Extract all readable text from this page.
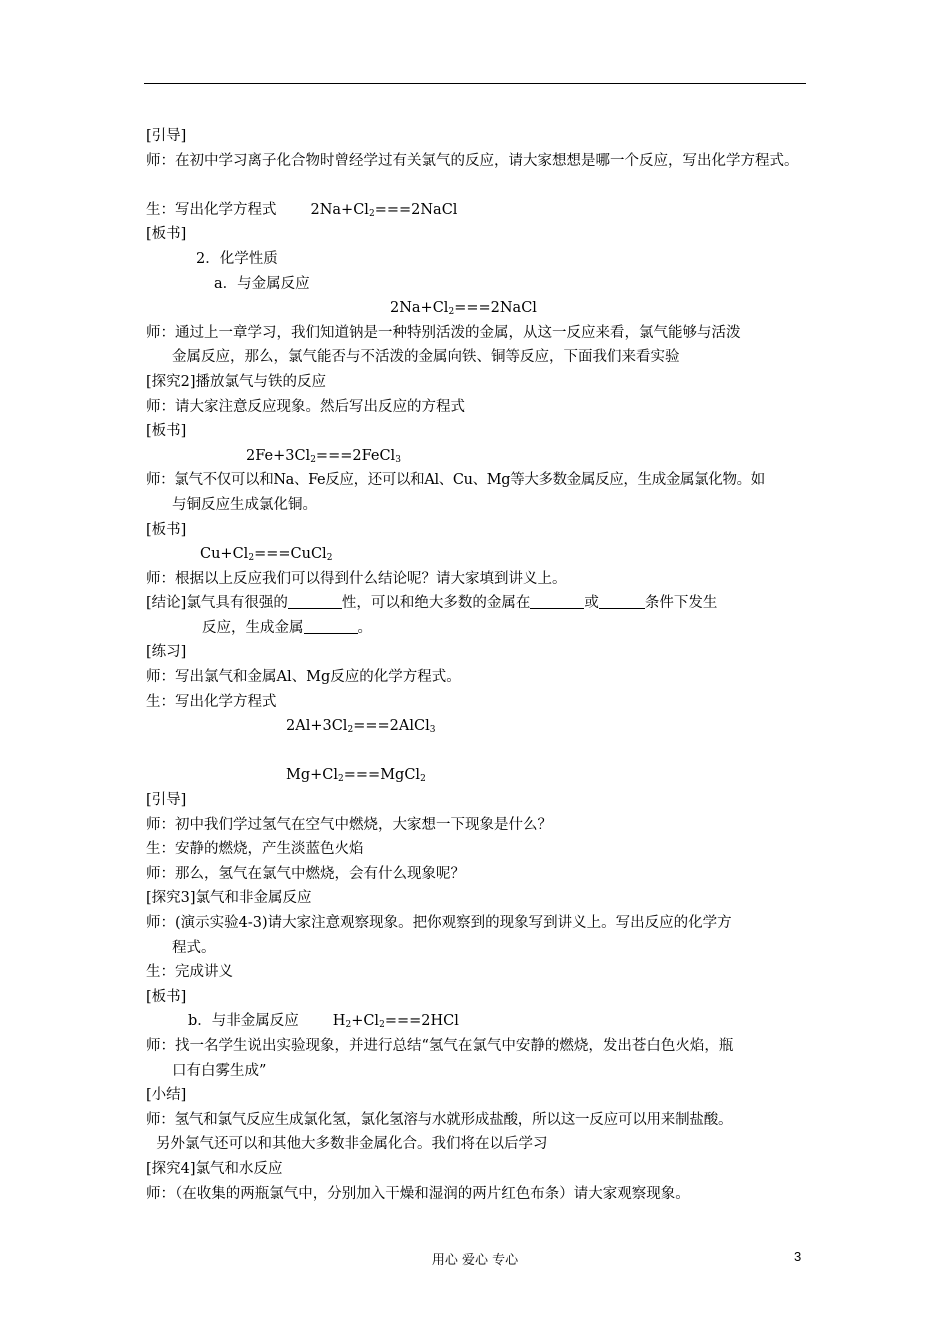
[引导]
师：在初中学习离子化合物时曾经学过有关氯气的反应，请大家想想是哪一个反应，写出化学方程式。
生：写出化学方程式 $2Na+Cl_2===2NaCl$
[板书]
2．化学性质
a．与金属反应
$2Na+Cl_2===2NaCl$
师：通过上一章学习，我们知道钠是一种特别活泼的金属，从这一反应来看，氯气能够与活泼
金属反应，那么，氯气能否与不活泼的金属向铁、铜等反应，下面我们来看实验
[探究2]播放氯气与铁的反应
师：请大家注意反应现象。然后写出反应的方程式
[板书]
$2Fe+3Cl_2===2FeCl_3$
师：氯气不仅可以和Na、Fe反应，还可以和Al、Cu、Mg等大多数金属反应，生成金属氯化物。如
与铜反应生成氯化铜。
[板书]
$Cu+Cl_2===CuCl_2$
师：根据以上反应我们可以得到什么结论呢？请大家填到讲义上。
[结论]氯气具有很强的	性，可以和绝大多数的金属在	或	条件下发生
反应，生成金属	。
[练习]
师：写出氯气和金属Al、Mg反应的化学方程式。
生：写出化学方程式
$2Al+3Cl_2===2AlCl_3$
$Mg+Cl_2===MgCl_2$
[引导]
师：初中我们学过氢气在空气中燃烧，大家想一下现象是什么？
生：安静的燃烧，产生淡蓝色火焰
师：那么，氢气在氯气中燃烧，会有什么现象呢？
[探究3]氯气和非金属反应
师：(演示实验4-3)请大家注意观察现象。把你观察到的现象写到讲义上。写出反应的化学方
程式。
生：完成讲义
[板书]
b．与非金属反应 $H_2+Cl_2===2HCl$
师：找一名学生说出实验现象，并进行总结“氢气在氯气中安静的燃烧，发出苍白色火焰，瓶
口有白雾生成”
[小结]
师：氢气和氯气反应生成氯化氢，氯化氢溶与水就形成盐酸，所以这一反应可以用来制盐酸。
另外氯气还可以和其他大多数非金属化合。我们将在以后学习
[探究4]氯气和水反应
师：（在收集的两瓶氯气中，分别加入干燥和湿润的两片红色布条）请大家观察现象。
用心 爱心 专心	3
